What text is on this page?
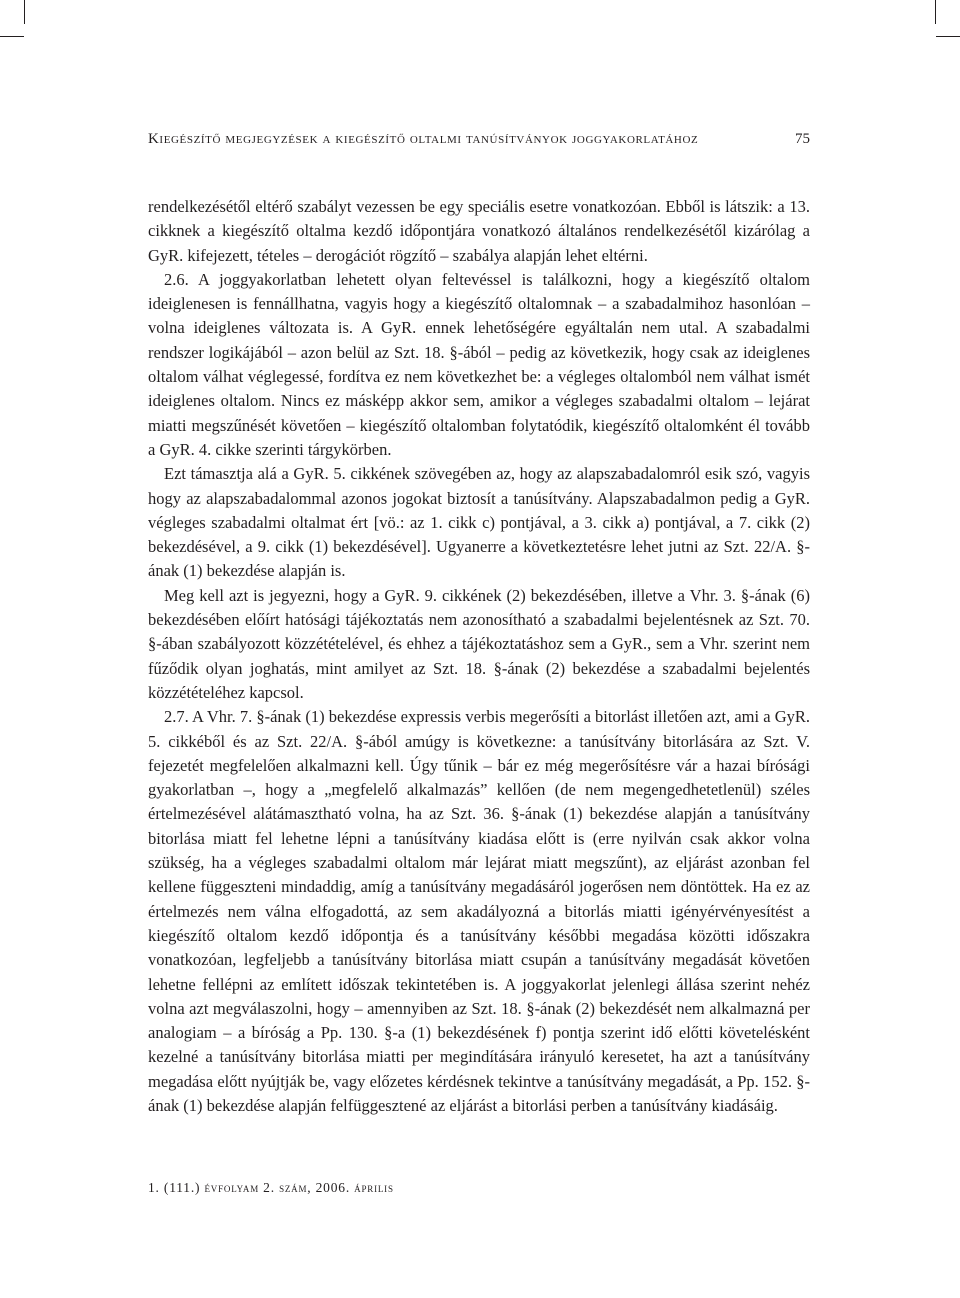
Kiegészítő megjegyzések a kiegészítő oltalmi tanúsítványok joggyakorlatához	75

rendelkezésétől eltérő szabályt vezessen be egy speciális esetre vonatkozóan. Ebből is látszik: a 13. cikknek a kiegészítő oltalma kezdő időpontjára vonatkozó általános rendelkezésétől kizárólag a GyR. kifejezett, tételes – derogációt rögzítő – szabálya alapján lehet eltérni.

2.6. A joggyakorlatban lehetett olyan feltevéssel is találkozni, hogy a kiegészítő oltalom ideiglenesen is fennállhatna, vagyis hogy a kiegészítő oltalomnak – a szabadalmihoz hasonlóan – volna ideiglenes változata is. A GyR. ennek lehetőségére egyáltalán nem utal. A szabadalmi rendszer logikájából – azon belül az Szt. 18. §-ából – pedig az következik, hogy csak az ideiglenes oltalom válhat véglegessé, fordítva ez nem következhet be: a végleges oltalomból nem válhat ismét ideiglenes oltalom. Nincs ez másképp akkor sem, amikor a végleges szabadalmi oltalom – lejárat miatti megszűnését követően – kiegészítő oltalomban folytatódik, kiegészítő oltalomként él tovább a GyR. 4. cikke szerinti tárgykörben.

Ezt támasztja alá a GyR. 5. cikkének szövegében az, hogy az alapszabadalomról esik szó, vagyis hogy az alapszabadalommal azonos jogokat biztosít a tanúsítvány. Alapszabadalmon pedig a GyR. végleges szabadalmi oltalmat ért [vö.: az 1. cikk c) pontjával, a 3. cikk a) pontjával, a 7. cikk (2) bekezdésével, a 9. cikk (1) bekezdésével]. Ugyanerre a következtetésre lehet jutni az Szt. 22/A. §-ának (1) bekezdése alapján is.

Meg kell azt is jegyezni, hogy a GyR. 9. cikkének (2) bekezdésében, illetve a Vhr. 3. §-ának (6) bekezdésében előírt hatósági tájékoztatás nem azonosítható a szabadalmi bejelentésnek az Szt. 70. §-ában szabályozott közzétételével, és ehhez a tájékoztatáshoz sem a GyR., sem a Vhr. szerint nem fűződik olyan joghatás, mint amilyet az Szt. 18. §-ának (2) bekezdése a szabadalmi bejelentés közzétételéhez kapcsol.

2.7. A Vhr. 7. §-ának (1) bekezdése expressis verbis megerősíti a bitorlást illetően azt, ami a GyR. 5. cikkéből és az Szt. 22/A. §-ából amúgy is következne: a tanúsítvány bitorlására az Szt. V. fejezetét megfelelően alkalmazni kell. Úgy tűnik – bár ez még megerősítésre vár a hazai bírósági gyakorlatban –, hogy a „megfelelő alkalmazás” kellően (de nem megengedhetetlenül) széles értelmezésével alátámasztható volna, ha az Szt. 36. §-ának (1) bekezdése alapján a tanúsítvány bitorlása miatt fel lehetne lépni a tanúsítvány kiadása előtt is (erre nyilván csak akkor volna szükség, ha a végleges szabadalmi oltalom már lejárat miatt megszűnt), az eljárást azonban fel kellene függeszteni mindaddig, amíg a tanúsítvány megadásáról jogerősen nem döntöttek. Ha ez az értelmezés nem válna elfogadottá, az sem akadályozná a bitorlás miatti igényérvényesítést a kiegészítő oltalom kezdő időpontja és a tanúsítvány későbbi megadása közötti időszakra vonatkozóan, legfeljebb a tanúsítvány bitorlása miatt csupán a tanúsítvány megadását követően lehetne fellépni az említett időszak tekintetében is. A joggyakorlat jelenlegi állása szerint nehéz volna azt megválaszolni, hogy – amennyiben az Szt. 18. §-ának (2) bekezdését nem alkalmazná per analogiam – a bíróság a Pp. 130. §-a (1) bekezdésének f) pontja szerint idő előtti követelésként kezelné a tanúsítvány bitorlása miatti per megindítására irányuló keresetet, ha azt a tanúsítvány megadása előtt nyújtják be, vagy előzetes kérdésnek tekintve a tanúsítvány megadását, a Pp. 152. §-ának (1) bekezdése alapján felfüggesztené az eljárást a bitorlási perben a tanúsítvány kiadásáig.

1. (111.) évfolyam 2. szám, 2006. április
